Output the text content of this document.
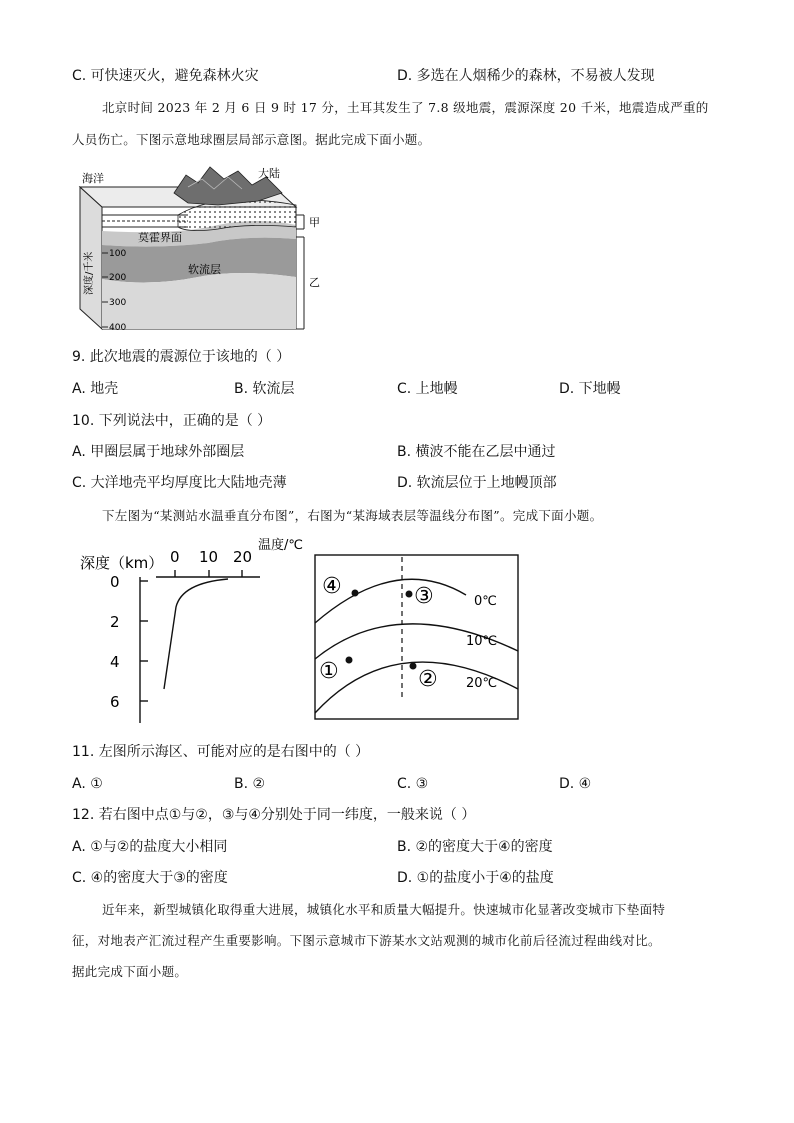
C. 可快速灭火，避免森林火灾	D. 多选在人烟稀少的森林，不易被人发现
北京时间 2023 年 2 月 6 日 9 时 17 分，土耳其发生了 7.8 级地震，震源深度 20 千米，地震造成严重的
人员伤亡。下图示意地球圈层局部示意图。据此完成下面小题。
海洋	大陆
莫霍界面
软流层
100
200
300
400
深度/千米
甲
乙
9. 此次地震的震源位于该地的（ ）
A. 地壳	B. 软流层	C. 上地幔	D. 下地幔
10. 下列说法中，正确的是（ ）
A. 甲圈层属于地球外部圈层	B. 横波不能在乙层中通过
C. 大洋地壳平均厚度比大陆地壳薄	D. 软流层位于上地幔顶部
下左图为“某测站水温垂直分布图”，右图为“某海域表层等温线分布图”。完成下面小题。
深度（km） 0 10 20
0
2
4
6
温度/℃
④	③
①	②
0℃
10℃
20℃
11. 左图所示海区、可能对应的是右图中的（ ）
A. ①	B. ②	C. ③	D. ④
12. 若右图中点①与②，③与④分别处于同一纬度，一般来说（ ）
A. ①与②的盐度大小相同	B. ②的密度大于④的密度
C. ④的密度大于③的密度	D. ①的盐度小于④的盐度
近年来，新型城镇化取得重大进展，城镇化水平和质量大幅提升。快速城市化显著改变城市下垫面特
征，对地表产汇流过程产生重要影响。下图示意城市下游某水文站观测的城市化前后径流过程曲线对比。
据此完成下面小题。
